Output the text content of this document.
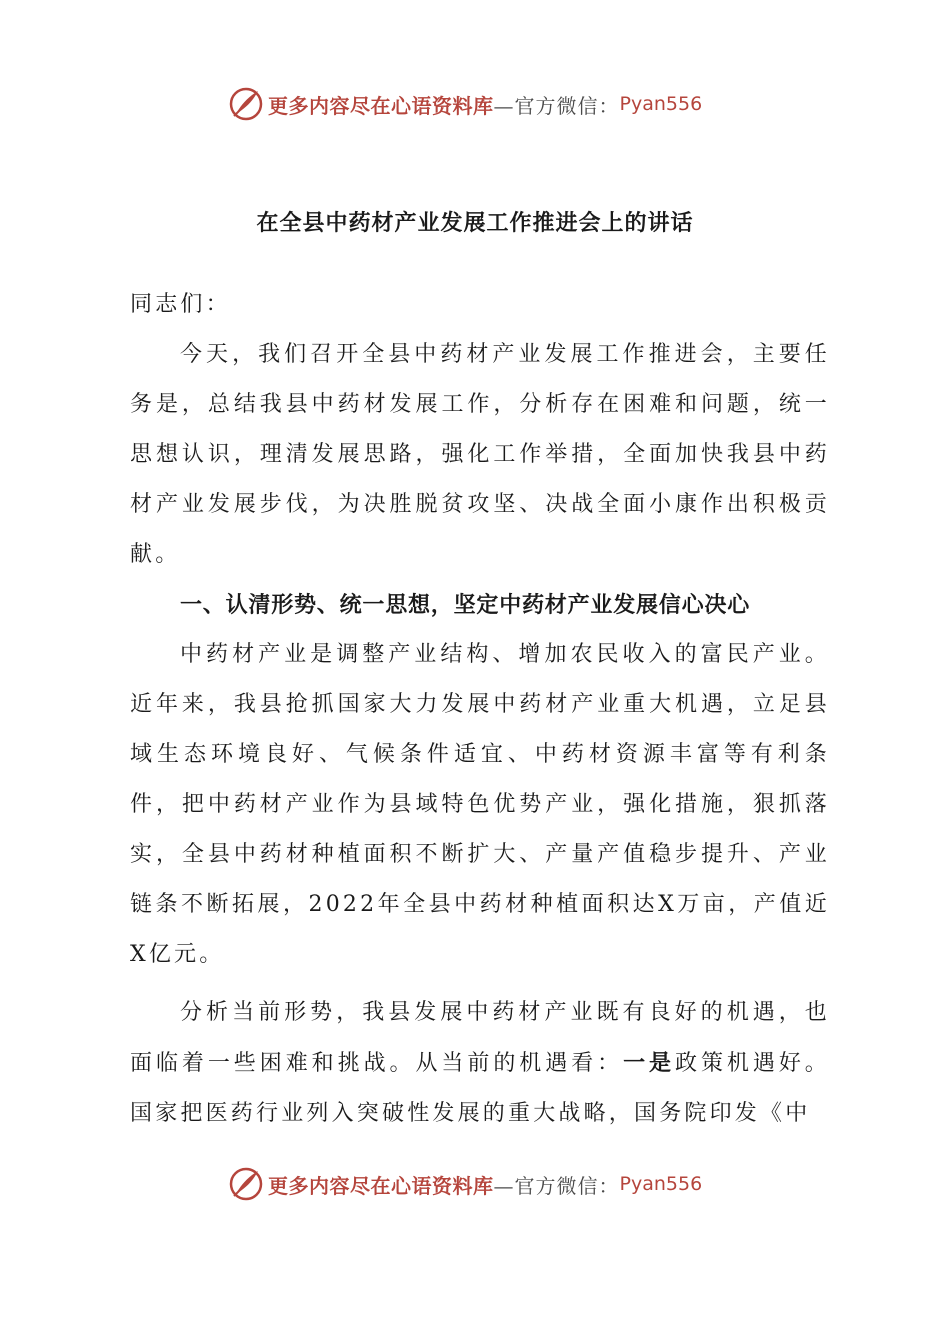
更多内容尽在心语资料库 —官方微信： Pyan556
在全县中药材产业发展工作推进会上的讲话

同志们：

今天，我们召开全县中药材产业发展工作推进会，主要任务是，总结我县中药材发展工作，分析存在困难和问题，统一思想认识，理清发展思路，强化工作举措，全面加快我县中药材产业发展步伐，为决胜脱贫攻坚、决战全面小康作出积极贡献。

一、认清形势、统一思想，坚定中药材产业发展信心决心

中药材产业是调整产业结构、增加农民收入的富民产业。近年来，我县抢抓国家大力发展中药材产业重大机遇，立足县域生态环境良好、气候条件适宜、中药材资源丰富等有利条件，把中药材产业作为县域特色优势产业，强化措施，狠抓落实，全县中药材种植面积不断扩大、产量产值稳步提升、产业链条不断拓展，2022年全县中药材种植面积达X万亩，产值近X亿元。

分析当前形势，我县发展中药材产业既有良好的机遇，也面临着一些困难和挑战。从当前的机遇看：一是政策机遇好。国家把医药行业列入突破性发展的重大战略，国务院印发《中

更多内容尽在心语资料库 —官方微信： Pyan556
